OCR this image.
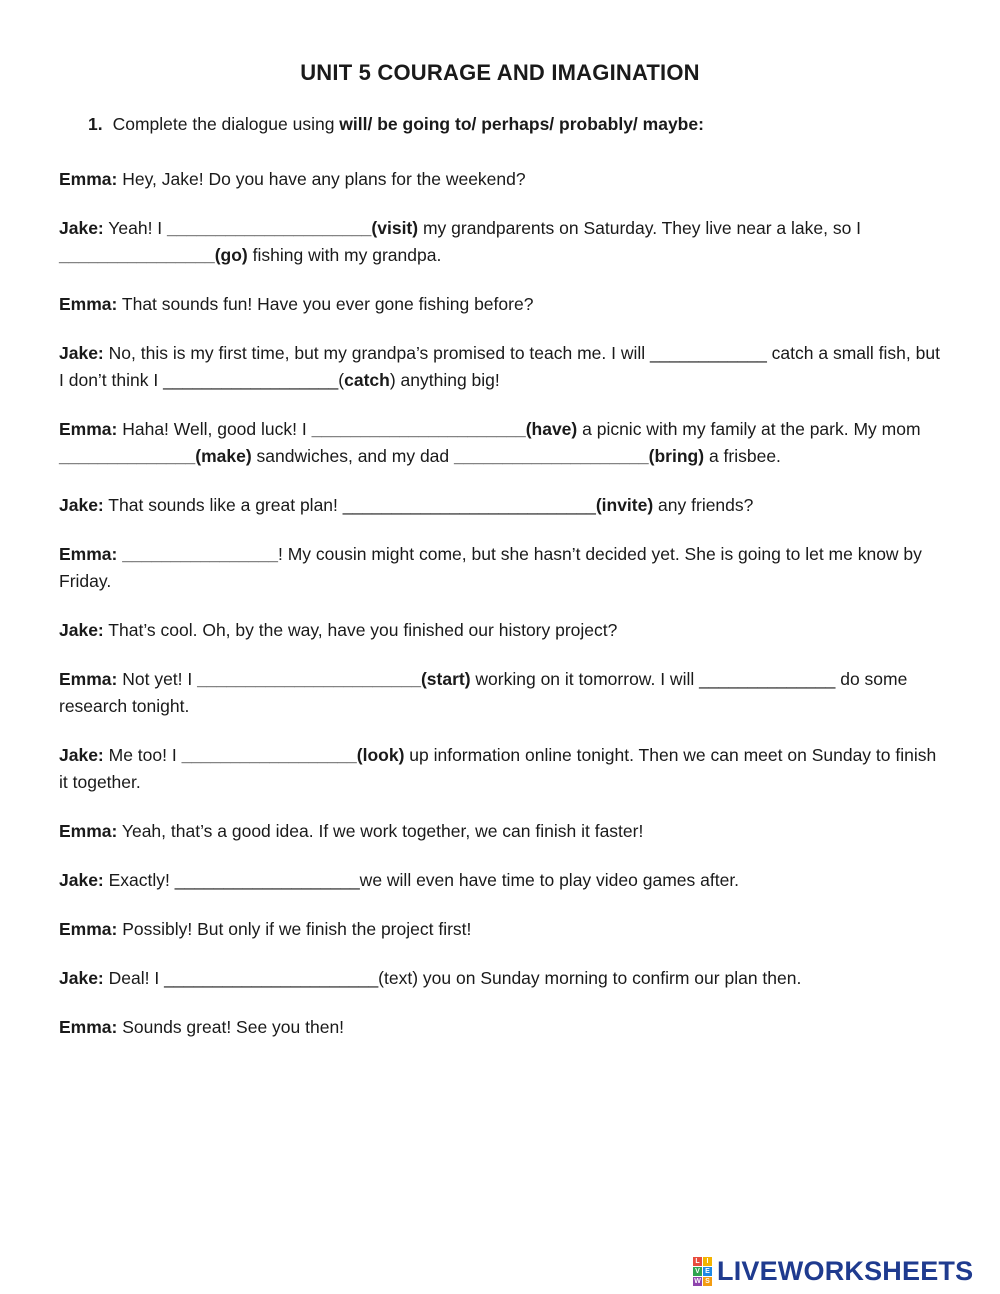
UNIT 5 COURAGE AND IMAGINATION

1. Complete the dialogue using will/ be going to/ perhaps/ probably/ maybe:

Emma: Hey, Jake! Do you have any plans for the weekend?

Jake: Yeah! I _____________________(visit) my grandparents on Saturday. They live near a lake, so I ________________(go) fishing with my grandpa.

Emma: That sounds fun! Have you ever gone fishing before?

Jake: No, this is my first time, but my grandpa’s promised to teach me. I will ____________ catch a small fish, but I don’t think I __________________(catch) anything big!

Emma: Haha! Well, good luck! I ______________________(have) a picnic with my family at the park. My mom ______________(make) sandwiches, and my dad ____________________(bring) a frisbee.

Jake: That sounds like a great plan! __________________________(invite) any friends?

Emma: ________________! My cousin might come, but she hasn’t decided yet. She is going to let me know by Friday.

Jake: That’s cool. Oh, by the way, have you finished our history project?

Emma: Not yet! I _______________________(start) working on it tomorrow. I will ______________ do some research tonight.

Jake: Me too! I __________________(look) up information online tonight. Then we can meet on Sunday to finish it together.

Emma: Yeah, that’s a good idea. If we work together, we can finish it faster!

Jake: Exactly! ___________________we will even have time to play video games after.

Emma: Possibly! But only if we finish the project first!

Jake: Deal! I ______________________(text) you on Sunday morning to confirm our plan then.

Emma: Sounds great! See you then!

L I
V E
W S LIVEWORKSHEETS
